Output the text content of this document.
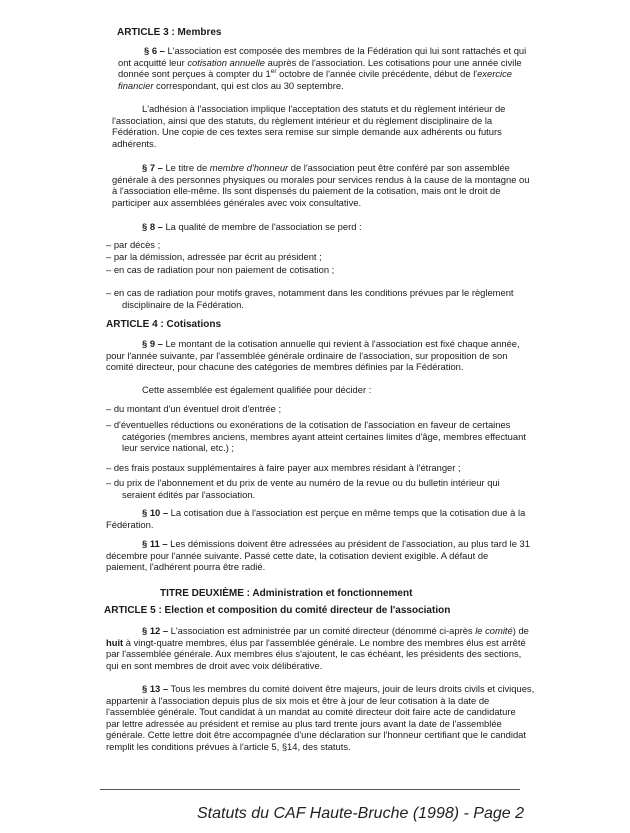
ARTICLE 3 : Membres

§ 6 – L'association est composée des membres de la Fédération qui lui sont rattachés et qui
ont acquitté leur cotisation annuelle auprès de l'association. Les cotisations pour une année civile
donnée sont perçues à compter du 1er octobre de l'année civile précédente, début de l'exercice
financier correspondant, qui est clos au 30 septembre.

L'adhésion à l'association implique l'acceptation des statuts et du règlement intérieur de
l'association, ainsi que des statuts, du règlement intérieur et du règlement disciplinaire de la
Fédération. Une copie de ces textes sera remise sur simple demande aux adhérents ou futurs
adhérents.

§ 7 – Le titre de membre d'honneur de l'association peut être conféré par son assemblée
générale à des personnes physiques ou morales pour services rendus à la cause de la montagne ou
à l'association elle-même. Ils sont dispensés du paiement de la cotisation, mais ont le droit de
participer aux assemblées générales avec voix consultative.

§ 8 – La qualité de membre de l'association se perd :

– par décès ;
– par la démission, adressée par écrit au président ;
– en cas de radiation pour non paiement de cotisation ;

– en cas de radiation pour motifs graves, notamment dans les conditions prévues par le règlement
disciplinaire de la Fédération.

ARTICLE 4 : Cotisations

§ 9 – Le montant de la cotisation annuelle qui revient à l'association est fixé chaque année,
pour l'année suivante, par l'assemblée générale ordinaire de l'association, sur proposition de son
comité directeur, pour chacune des catégories de membres définies par la Fédération.

Cette assemblée est également qualifiée pour décider :

– du montant d'un éventuel droit d'entrée ;

– d'éventuelles réductions ou exonérations de la cotisation de l'association en faveur de certaines
catégories (membres anciens, membres ayant atteint certaines limites d'âge, membres effectuant
leur service national, etc.) ;

– des frais postaux supplémentaires à faire payer aux membres résidant à l'étranger ;

– du prix de l'abonnement et du prix de vente au numéro de la revue ou du bulletin intérieur qui
seraient édités par l'association.

§ 10 – La cotisation due à l'association est perçue en même temps que la cotisation due à la
Fédération.

§ 11 – Les démissions doivent être adressées au président de l'association, au plus tard le 31
décembre pour l'année suivante. Passé cette date, la cotisation devient exigible. A défaut de
paiement, l'adhérent pourra être radié.

TITRE DEUXIÈME : Administration et fonctionnement

ARTICLE 5 : Election et composition du comité directeur de l'association

§ 12 – L'association est administrée par un comité directeur (dénommé ci-après le comité) de
huit à vingt-quatre membres, élus par l'assemblée générale. Le nombre des membres élus est arrêté
par l'assemblée générale. Aux membres élus s'ajoutent, le cas échéant, les présidents des sections,
qui en sont membres de droit avec voix délibérative.

§ 13 – Tous les membres du comité doivent être majeurs, jouir de leurs droits civils et civiques,
appartenir à l'association depuis plus de six mois et être à jour de leur cotisation à la date de
l'assemblée générale. Tout candidat à un mandat au comité directeur doit faire acte de candidature
par lettre adressée au président et remise au plus tard trente jours avant la date de l'assemblée
générale. Cette lettre doit être accompagnée d'une déclaration sur l'honneur certifiant que le candidat
remplit les conditions prévues à l'article 5, §14, des statuts.

Statuts du CAF Haute-Bruche (1998) - Page 2
